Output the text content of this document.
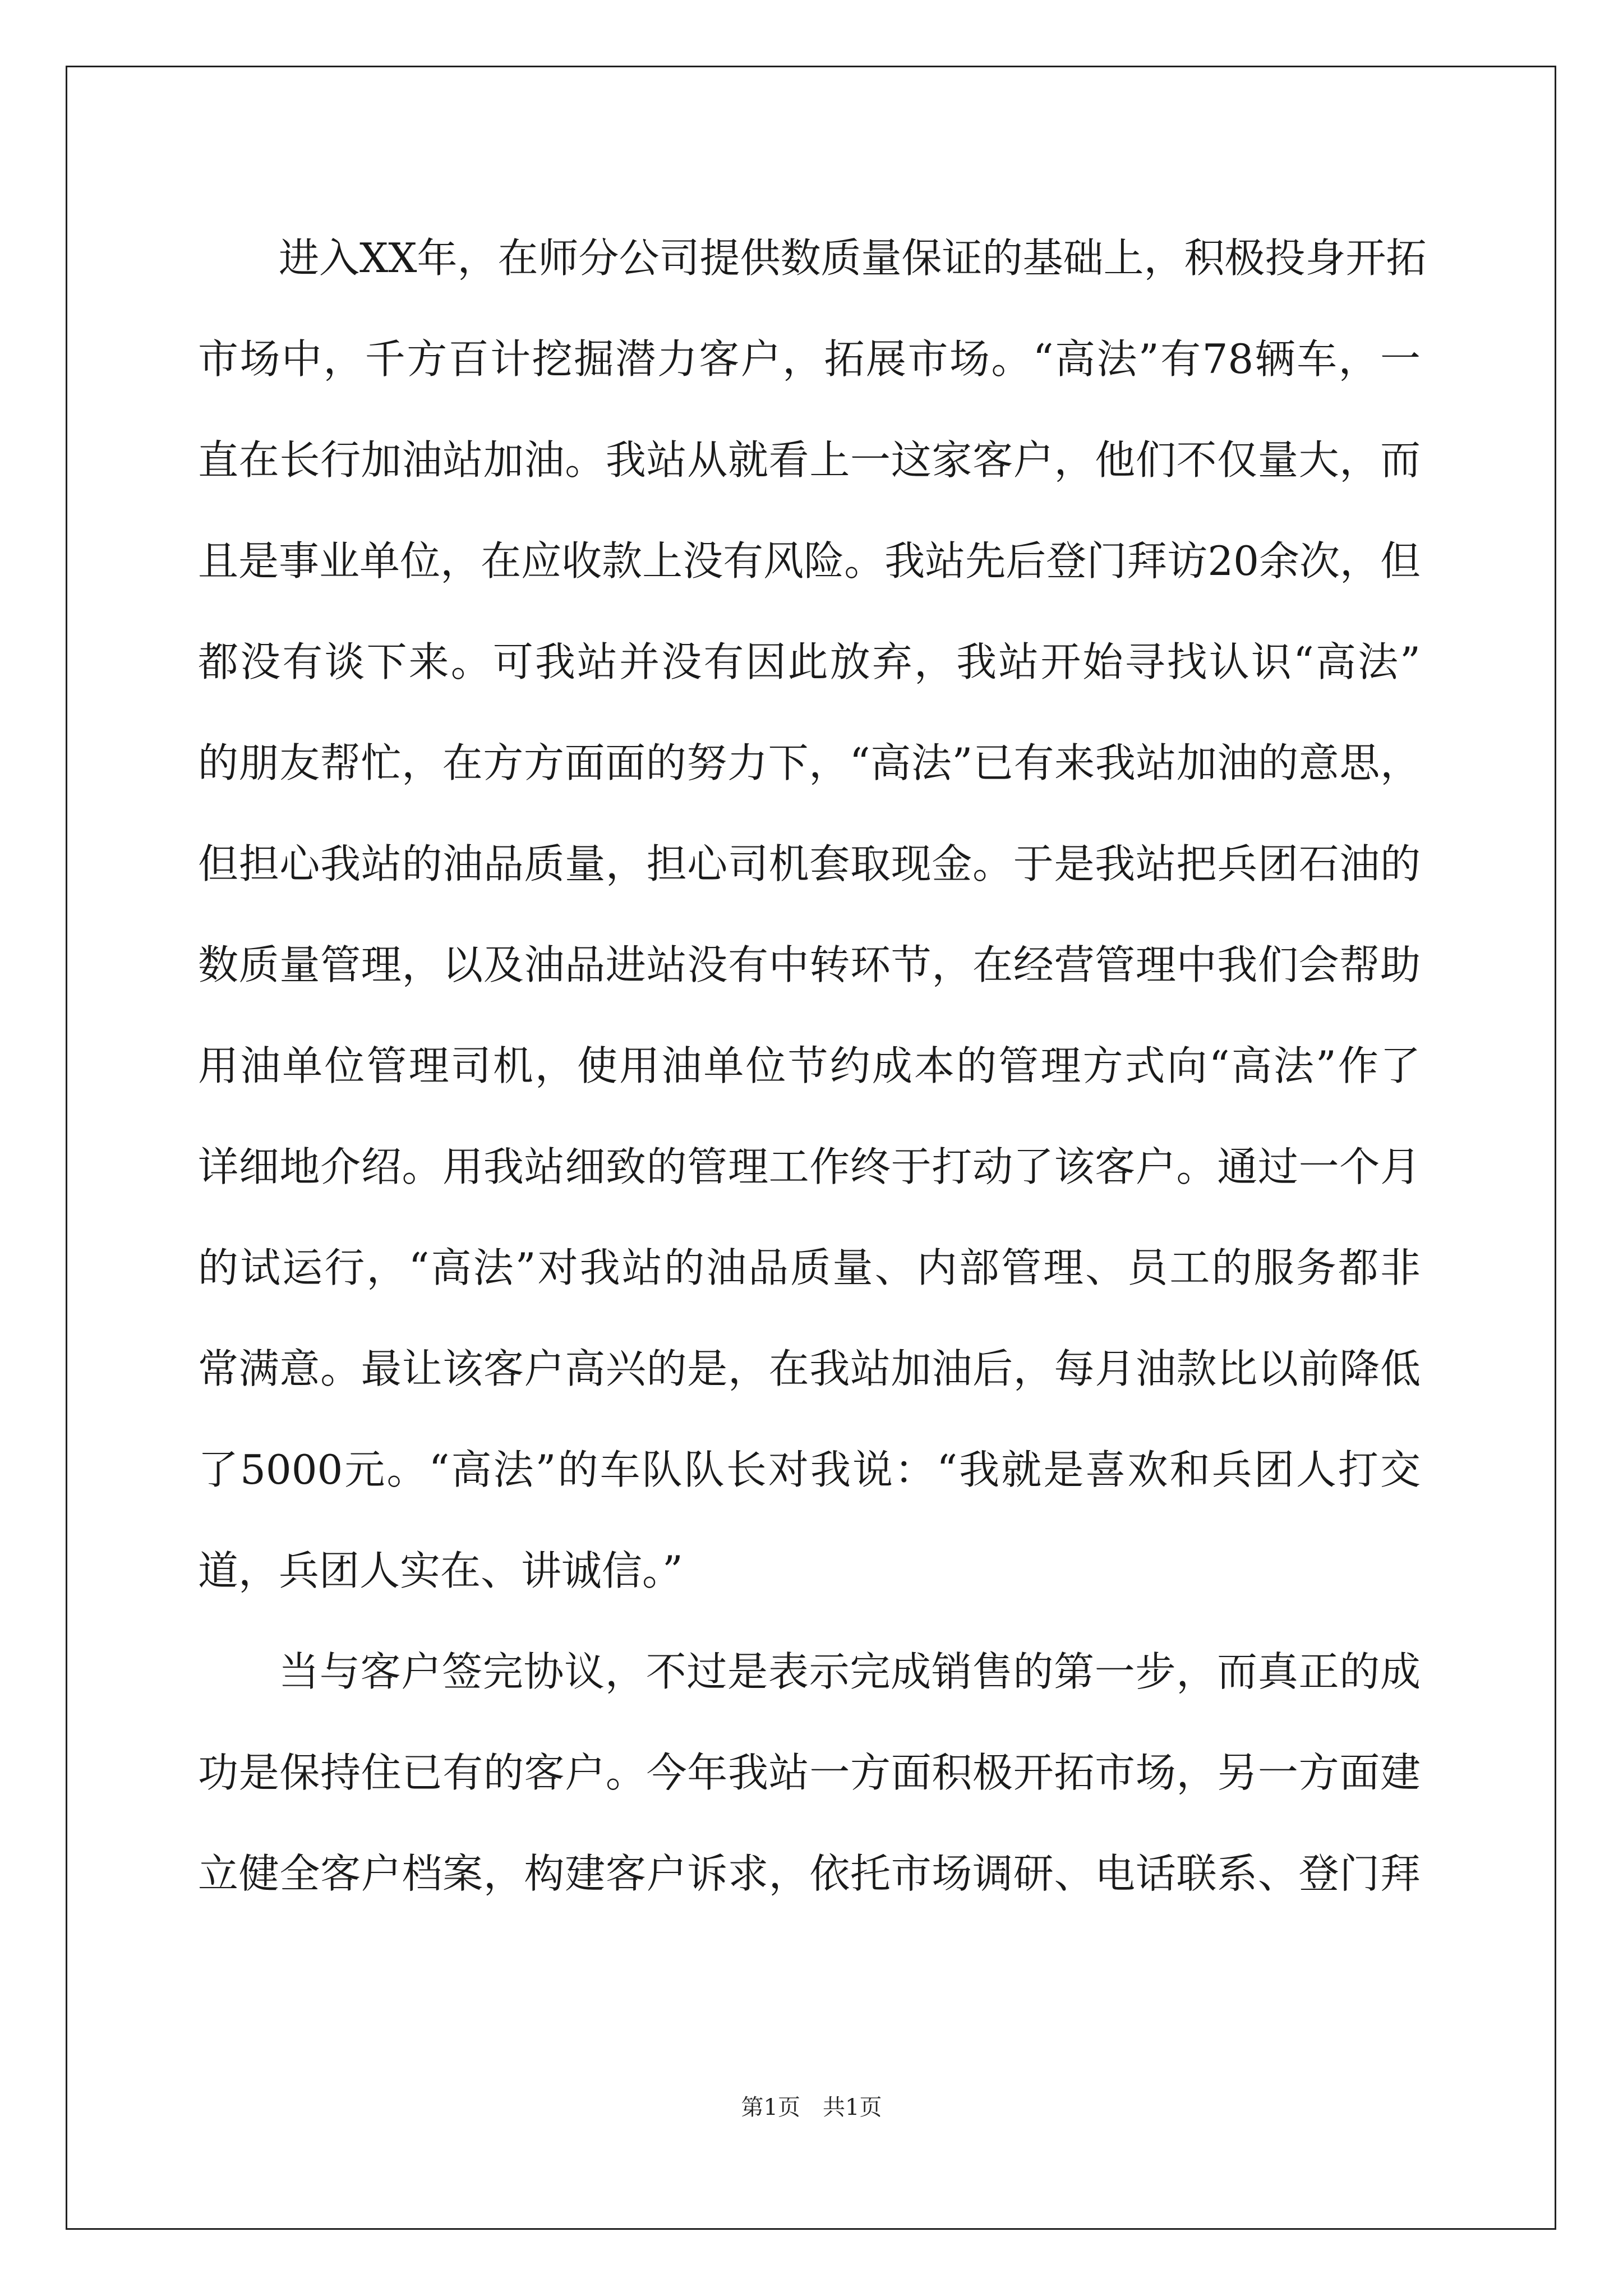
进入XX年，在师分公司提供数质量保证的基础上，积极投身开拓
市场中，千方百计挖掘潜力客户，拓展市场。“高法”有78辆车，一
直在长行加油站加油。我站从就看上一这家客户，他们不仅量大，而
且是事业单位，在应收款上没有风险。我站先后登门拜访20余次，但
都没有谈下来。可我站并没有因此放弃，我站开始寻找认识“高法”
的朋友帮忙，在方方面面的努力下，“高法”已有来我站加油的意思，
但担心我站的油品质量，担心司机套取现金。于是我站把兵团石油的
数质量管理，以及油品进站没有中转环节，在经营管理中我们会帮助
用油单位管理司机，使用油单位节约成本的管理方式向“高法”作了
详细地介绍。用我站细致的管理工作终于打动了该客户。通过一个月
的试运行，“高法”对我站的油品质量、内部管理、员工的服务都非
常满意。最让该客户高兴的是，在我站加油后，每月油款比以前降低
了5000元。“高法”的车队队长对我说：“我就是喜欢和兵团人打交
道，兵团人实在、讲诚信。”
当与客户签完协议，不过是表示完成销售的第一步，而真正的成
功是保持住已有的客户。今年我站一方面积极开拓市场，另一方面建
立健全客户档案，构建客户诉求，依托市场调研、电话联系、登门拜
第1页　共1页
